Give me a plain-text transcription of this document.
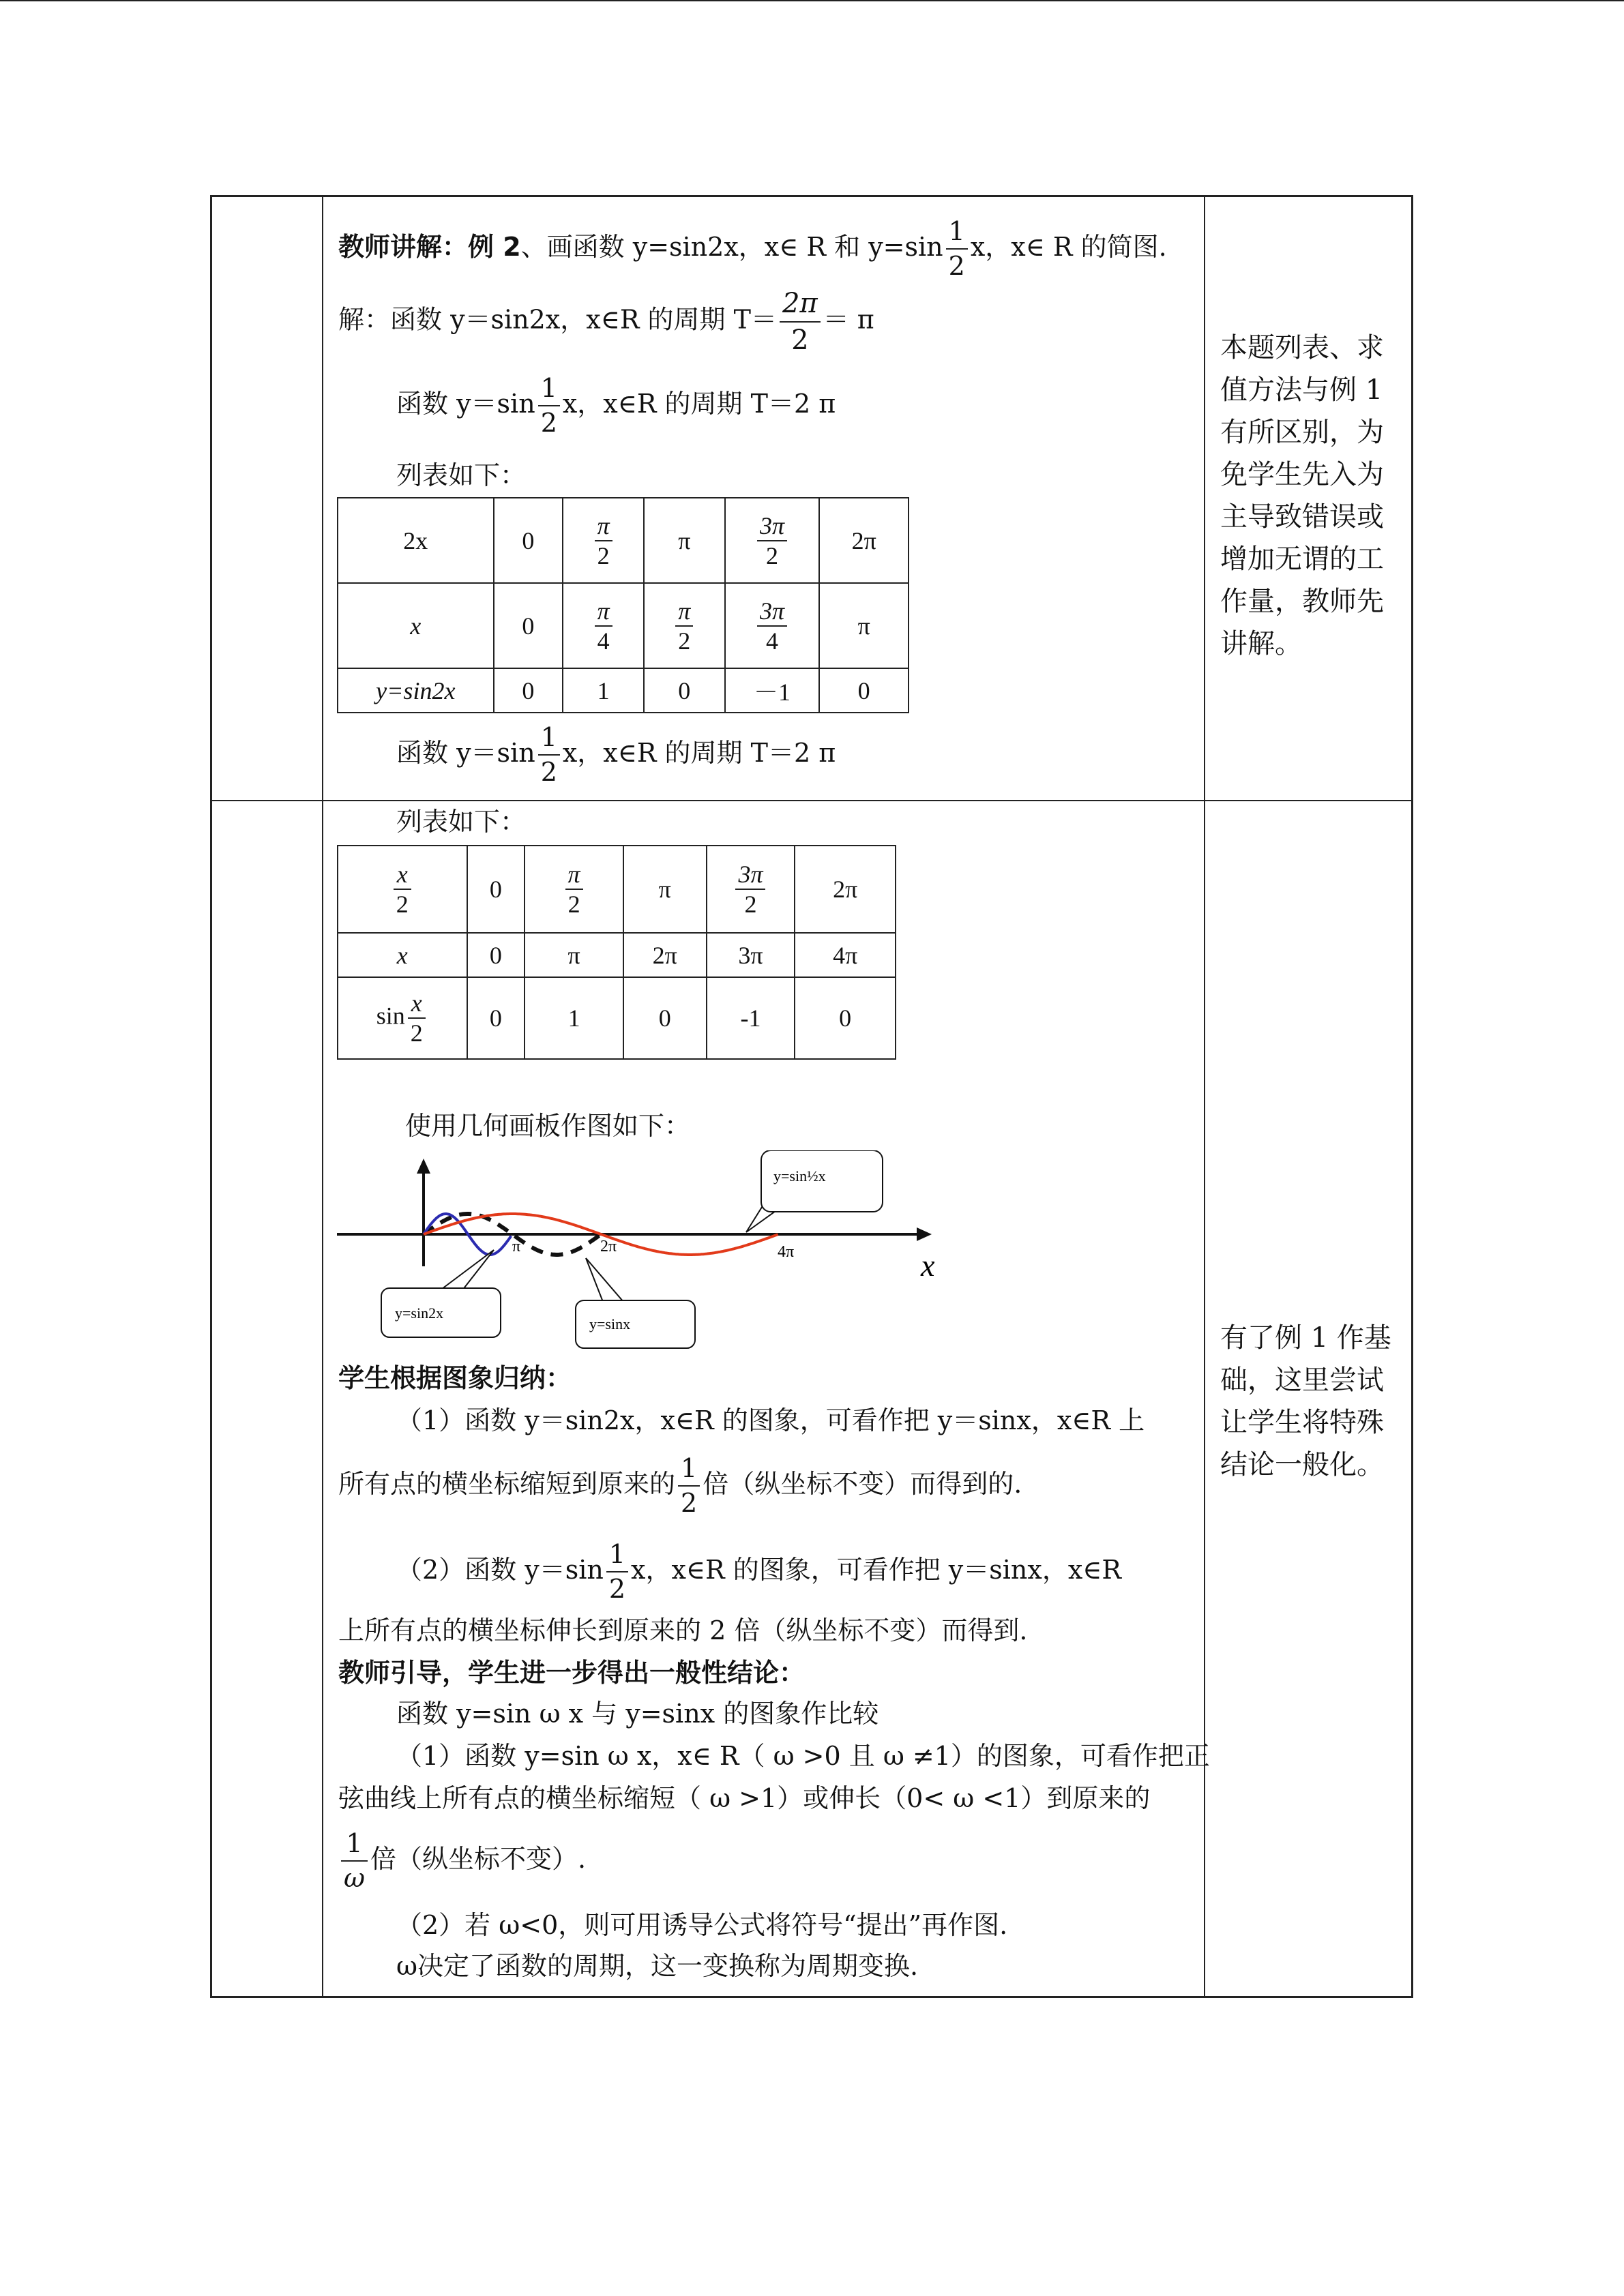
教师讲解：例 2、画函数 y=sin2x，x∈ R 和 $y=\sin \frac{1}{2}$ x，x∈ R 的简图.
解：函数 y＝sin2x，x∈R 的周期 $T= \frac{2\pi}{2} = \pi$
函数 $y=\sin \frac{1}{2}$ x，x∈R 的周期 T＝2 π
列表如下：
2x	0	$\frac{\pi}{2}$	π	$\frac{3\pi}{2}$	2π
x	0	$\frac{\pi}{4}$	$\frac{\pi}{2}$	$\frac{3\pi}{4}$	π
y=sin2x	0	1	0	－1	0
函数 $y=\sin \frac{1}{2}$ x，x∈R 的周期 T＝2 π
本题列表、求值方法与例 1 有所区别，为免学生先入为主导致错误或增加无谓的工作量，教师先讲解。
列表如下：
$\frac{x}{2}$	0	$\frac{\pi}{2}$	π	$\frac{3\pi}{2}$	2π
x	0	π	2π	3π	4π
$\sin \frac{x}{2}$	0	1	0	-1	0
使用几何画板作图如下：
π	2π	4π	x
y=sin½x
y=sin2x
y=sinx
学生根据图象归纳：
（1）函数 y＝sin2x，x∈R 的图象，可看作把 y＝sinx，x∈R 上
所有点的横坐标缩短到原来的 $\frac{1}{2}$ 倍（纵坐标不变）而得到的.
（2）函数 $y=\sin \frac{1}{2}$ x，x∈R 的图象，可看作把 y＝sinx，x∈R
上所有点的横坐标伸长到原来的 2 倍（纵坐标不变）而得到.
教师引导，学生进一步得出一般性结论：
函数 y=sin ω x 与 y=sinx 的图象作比较
（1）函数 y=sin ω x，x∈ R（ ω >0 且 ω ≠1）的图象，可看作把正
弦曲线上所有点的横坐标缩短（ ω >1）或伸长（0< ω <1）到原来的
$\frac{1}{\omega}$ 倍（纵坐标不变）.
（2）若 ω<0，则可用诱导公式将符号“提出”再作图.
ω决定了函数的周期，这一变换称为周期变换.
有了例 1 作基础，这里尝试让学生将特殊结论一般化。
